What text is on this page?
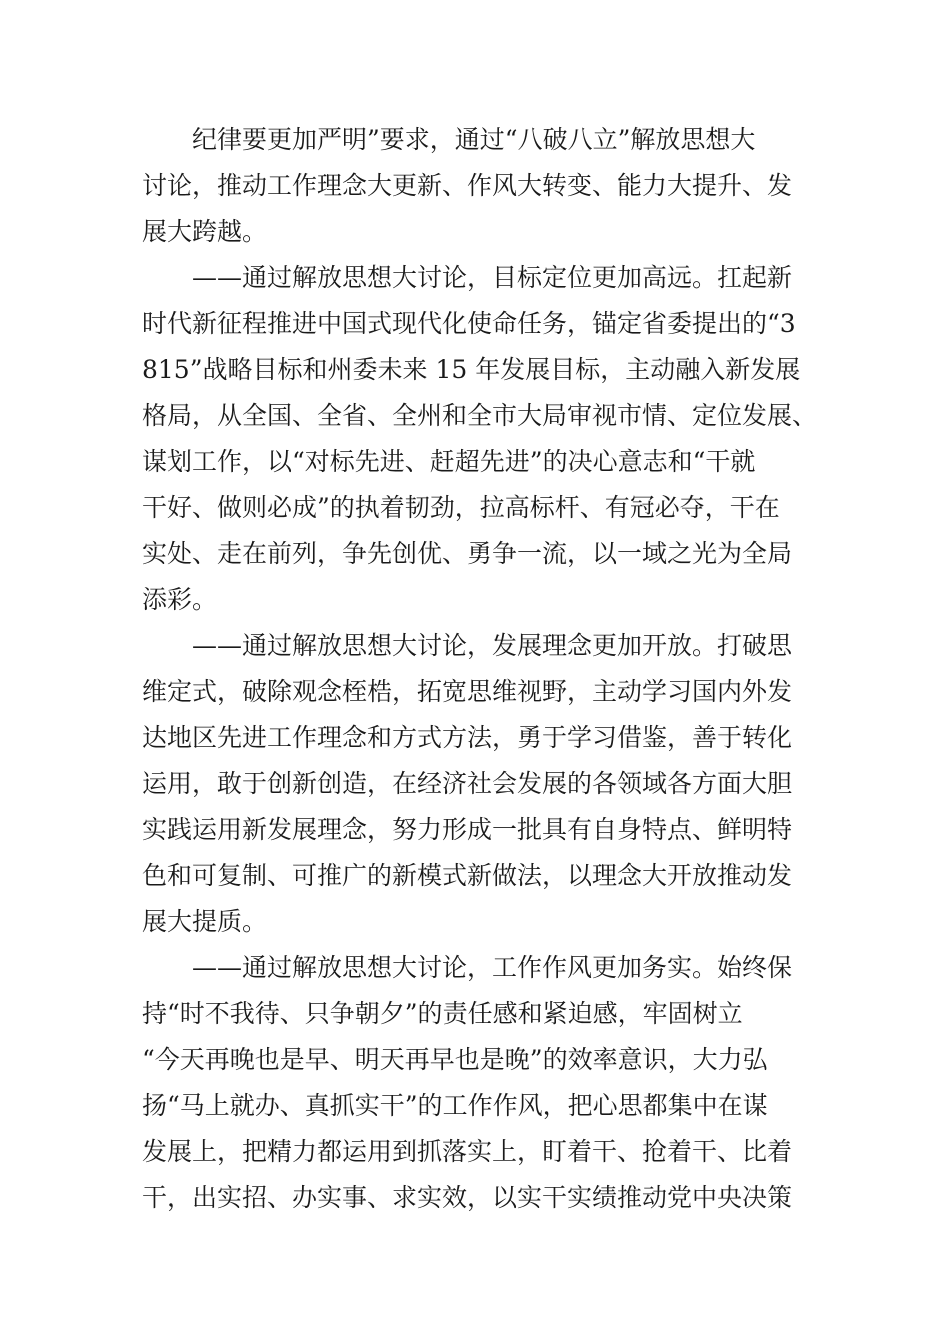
纪律要更加严明”要求，通过“八破八立”解放思想大
讨论，推动工作理念大更新、作风大转变、能力大提升、发
展大跨越。
——通过解放思想大讨论，目标定位更加高远。扛起新
时代新征程推进中国式现代化使命任务，锚定省委提出的“3
815”战略目标和州委未来 15 年发展目标，主动融入新发展
格局，从全国、全省、全州和全市大局审视市情、定位发展、
谋划工作，以“对标先进、赶超先进”的决心意志和“干就
干好、做则必成”的执着韧劲，拉高标杆、有冠必夺，干在
实处、走在前列，争先创优、勇争一流，以一域之光为全局
添彩。
——通过解放思想大讨论，发展理念更加开放。打破思
维定式，破除观念桎梏，拓宽思维视野，主动学习国内外发
达地区先进工作理念和方式方法，勇于学习借鉴，善于转化
运用，敢于创新创造，在经济社会发展的各领域各方面大胆
实践运用新发展理念，努力形成一批具有自身特点、鲜明特
色和可复制、可推广的新模式新做法，以理念大开放推动发
展大提质。
——通过解放思想大讨论，工作作风更加务实。始终保
持“时不我待、只争朝夕”的责任感和紧迫感，牢固树立
“今天再晚也是早、明天再早也是晚”的效率意识，大力弘
扬“马上就办、真抓实干”的工作作风，把心思都集中在谋
发展上，把精力都运用到抓落实上，盯着干、抢着干、比着
干，出实招、办实事、求实效，以实干实绩推动党中央决策
